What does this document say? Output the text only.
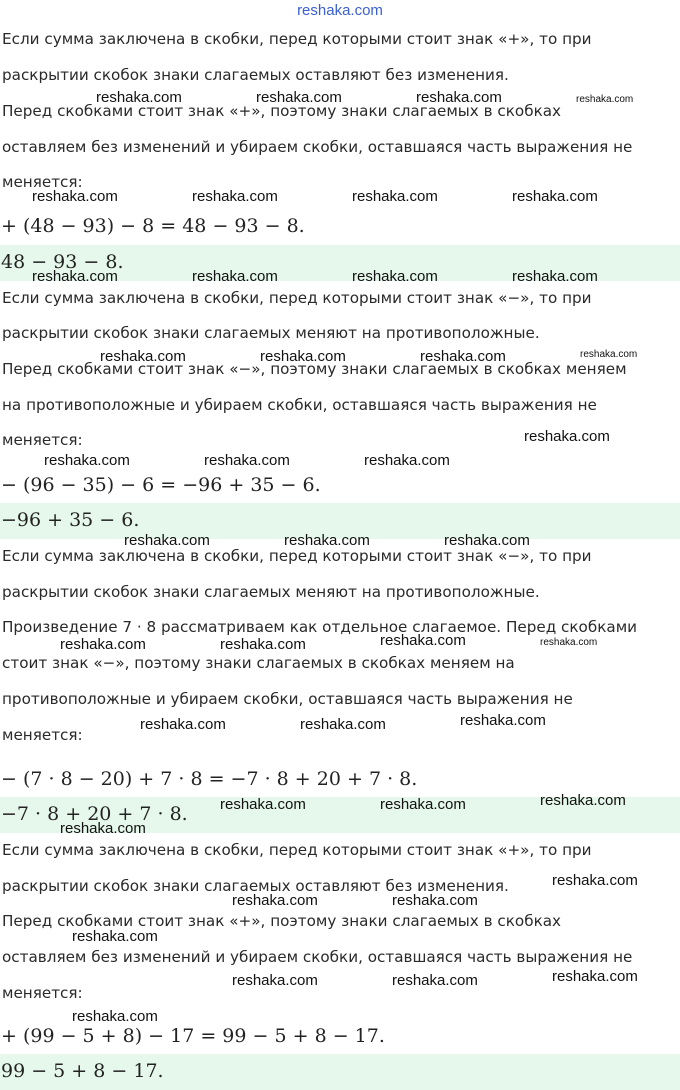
reshaka.com
Если сумма заключена в скобки, перед которыми стоит знак «+», то при
раскрытии скобок знаки слагаемых оставляют без изменения.
Перед скобками стоит знак «+», поэтому знаки слагаемых в скобках
оставляем без изменений и убираем скобки, оставшаяся часть выражения не
меняется:
+ (48 − 93) − 8 = 48 − 93 − 8.
48 − 93 − 8.
Если сумма заключена в скобки, перед которыми стоит знак «−», то при
раскрытии скобок знаки слагаемых меняют на противоположные.
Перед скобками стоит знак «−», поэтому знаки слагаемых в скобках меняем
на противоположные и убираем скобки, оставшаяся часть выражения не
меняется:
− (96 − 35) − 6 = −96 + 35 − 6.
−96 + 35 − 6.
Если сумма заключена в скобки, перед которыми стоит знак «−», то при
раскрытии скобок знаки слагаемых меняют на противоположные.
Произведение 7 · 8 рассматриваем как отдельное слагаемое. Перед скобками
стоит знак «−», поэтому знаки слагаемых в скобках меняем на
противоположные и убираем скобки, оставшаяся часть выражения не
меняется:
− (7 · 8 − 20) + 7 · 8 = −7 · 8 + 20 + 7 · 8.
−7 · 8 + 20 + 7 · 8.
Если сумма заключена в скобки, перед которыми стоит знак «+», то при
раскрытии скобок знаки слагаемых оставляют без изменения.
Перед скобками стоит знак «+», поэтому знаки слагаемых в скобках
оставляем без изменений и убираем скобки, оставшаяся часть выражения не
меняется:
+ (99 − 5 + 8) − 17 = 99 − 5 + 8 − 17.
99 − 5 + 8 − 17.
reshaka.com	reshaka.com	reshaka.com	reshaka.com
reshaka.com	reshaka.com	reshaka.com	reshaka.com
reshaka.com	reshaka.com	reshaka.com	reshaka.com
reshaka.com	reshaka.com	reshaka.com	reshaka.com
reshaka.com
reshaka.com	reshaka.com	reshaka.com
reshaka.com	reshaka.com	reshaka.com
reshaka.com	reshaka.com	reshaka.com	reshaka.com
reshaka.com	reshaka.com	reshaka.com
reshaka.com	reshaka.com	reshaka.com
reshaka.com
reshaka.com
reshaka.com	reshaka.com
reshaka.com
reshaka.com	reshaka.com	reshaka.com
reshaka.com
